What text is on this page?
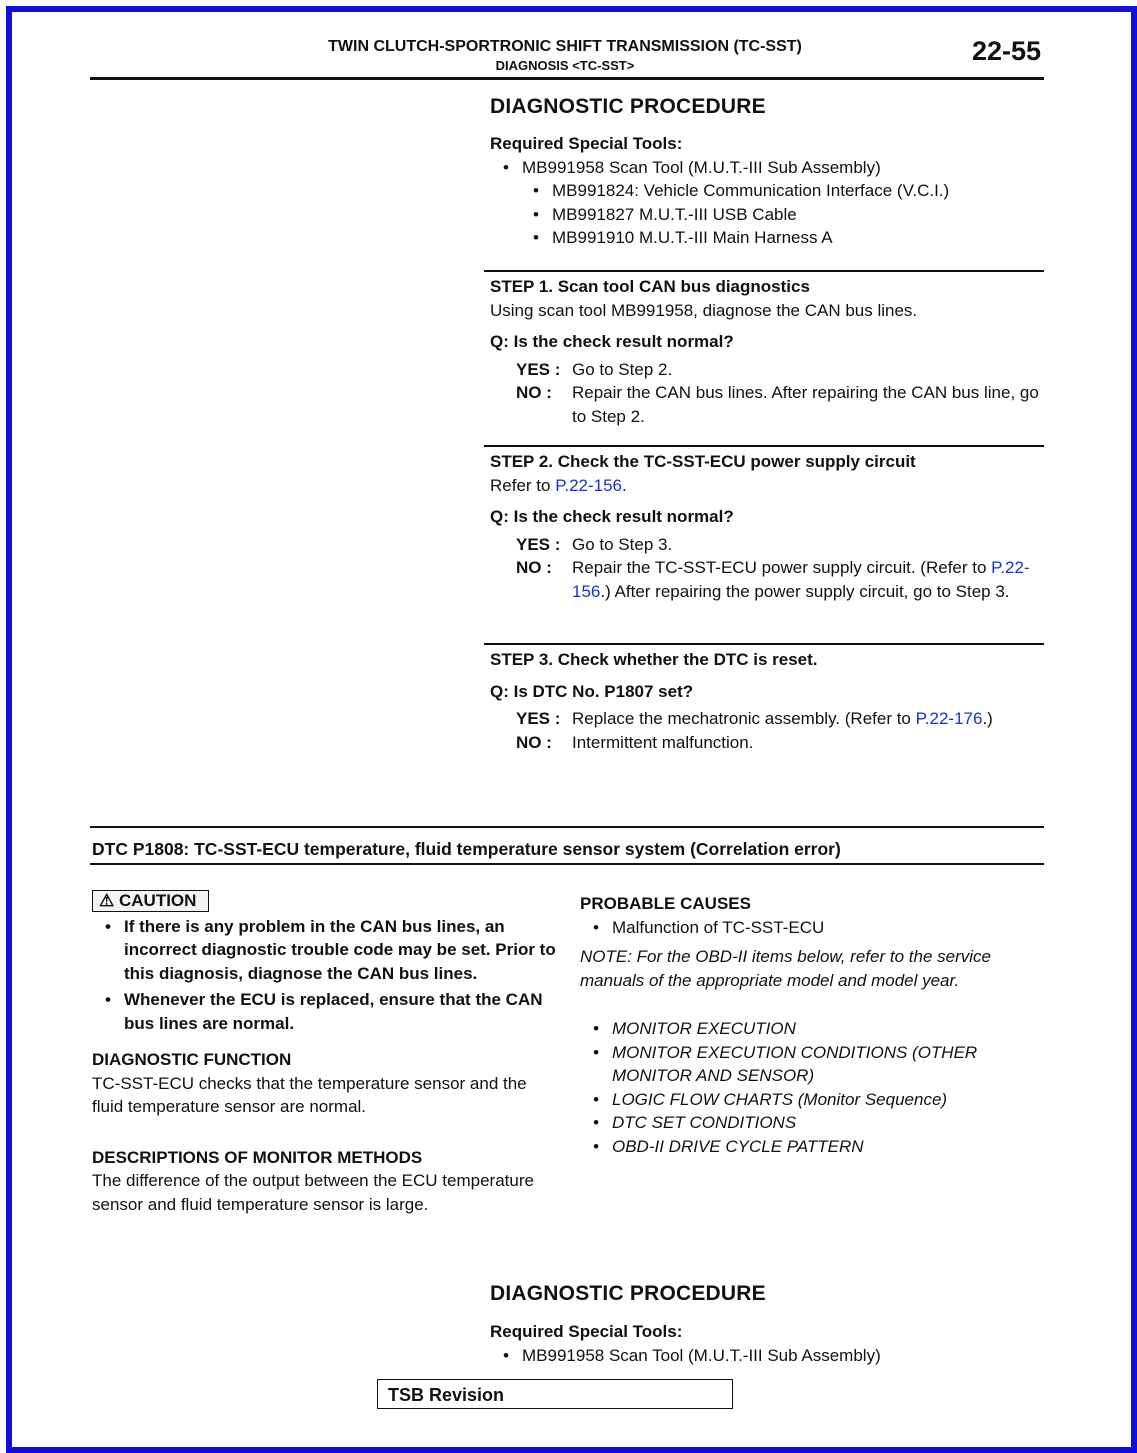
TWIN CLUTCH-SPORTRONIC SHIFT TRANSMISSION (TC-SST)
DIAGNOSIS <TC-SST>	22-55
DIAGNOSTIC PROCEDURE
Required Special Tools:
• MB991958 Scan Tool (M.U.T.-III Sub Assembly)
• MB991824: Vehicle Communication Interface (V.C.I.)
• MB991827 M.U.T.-III USB Cable
• MB991910 M.U.T.-III Main Harness A
STEP 1. Scan tool CAN bus diagnostics
Using scan tool MB991958, diagnose the CAN bus lines.
Q: Is the check result normal?
YES : Go to Step 2.
NO :	Repair the CAN bus lines. After repairing the CAN bus line, go to Step 2.
STEP 2. Check the TC-SST-ECU power supply circuit
Refer to P.22-156.
Q: Is the check result normal?
YES : Go to Step 3.
NO :	Repair the TC-SST-ECU power supply circuit. (Refer to P.22-156.) After repairing the power supply circuit, go to Step 3.
STEP 3. Check whether the DTC is reset.
Q: Is DTC No. P1807 set?
YES : Replace the mechatronic assembly. (Refer to P.22-176.)
NO :	Intermittent malfunction.
DTC P1808: TC-SST-ECU temperature, fluid temperature sensor system (Correlation error)
⚠ CAUTION
• If there is any problem in the CAN bus lines, an incorrect diagnostic trouble code may be set. Prior to this diagnosis, diagnose the CAN bus lines.
• Whenever the ECU is replaced, ensure that the CAN bus lines are normal.
DIAGNOSTIC FUNCTION
TC-SST-ECU checks that the temperature sensor and the fluid temperature sensor are normal.
DESCRIPTIONS OF MONITOR METHODS
The difference of the output between the ECU temperature sensor and fluid temperature sensor is large.
PROBABLE CAUSES
• Malfunction of TC-SST-ECU
NOTE: For the OBD-II items below, refer to the service manuals of the appropriate model and model year.
• MONITOR EXECUTION
• MONITOR EXECUTION CONDITIONS (OTHER MONITOR AND SENSOR)
• LOGIC FLOW CHARTS (Monitor Sequence)
• DTC SET CONDITIONS
• OBD-II DRIVE CYCLE PATTERN
DIAGNOSTIC PROCEDURE
Required Special Tools:
• MB991958 Scan Tool (M.U.T.-III Sub Assembly)
TSB Revision
